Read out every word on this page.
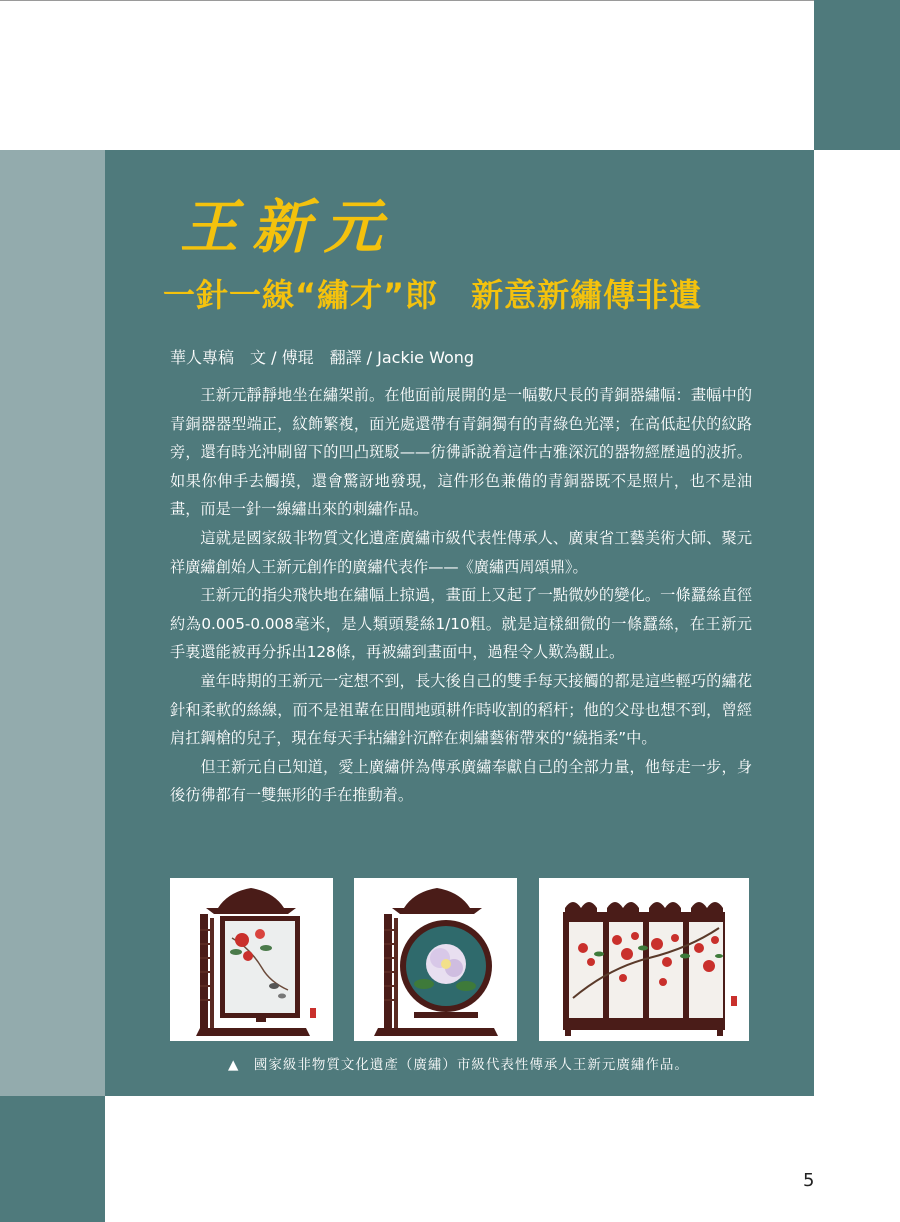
王新元
一針一線“繡才”郎　新意新繡傳非遺
華人專稿　文 / 傅琨　翻譯 / Jackie Wong

王新元靜靜地坐在繡架前。在他面前展開的是一幅數尺長的青銅器繡幅：畫幅中的青銅器器型端正，紋飾繁複，面光處還帶有青銅獨有的青綠色光澤；在高低起伏的紋路旁，還有時光沖刷留下的凹凸斑駁——彷彿訴說着這件古雅深沉的器物經歷過的波折。如果你伸手去觸摸，還會驚訝地發現，這件形色兼備的青銅器既不是照片，也不是油畫，而是一針一線繡出來的刺繡作品。

這就是國家級非物質文化遺產廣繡市級代表性傳承人、廣東省工藝美術大師、聚元祥廣繡創始人王新元創作的廣繡代表作——《廣繡西周頌鼎》。

王新元的指尖飛快地在繡幅上掠過，畫面上又起了一點微妙的變化。一條蠶絲直徑約為0.005-0.008毫米，是人類頭髮絲1/10粗。就是這樣細微的一條蠶絲，在王新元手裏還能被再分拆出128條，再被繡到畫面中，過程令人歎為觀止。

童年時期的王新元一定想不到，長大後自己的雙手每天接觸的都是這些輕巧的繡花針和柔軟的絲線，而不是祖輩在田間地頭耕作時收割的稻杆；他的父母也想不到，曾經肩扛鋼槍的兒子，現在每天手拈繡針沉醉在刺繡藝術帶來的“繞指柔”中。

但王新元自己知道，愛上廣繡併為傳承廣繡奉獻自己的全部力量，他每走一步，身後彷彿都有一雙無形的手在推動着。

▲　國家級非物質文化遺產（廣繡）市級代表性傳承人王新元廣繡作品。
5
